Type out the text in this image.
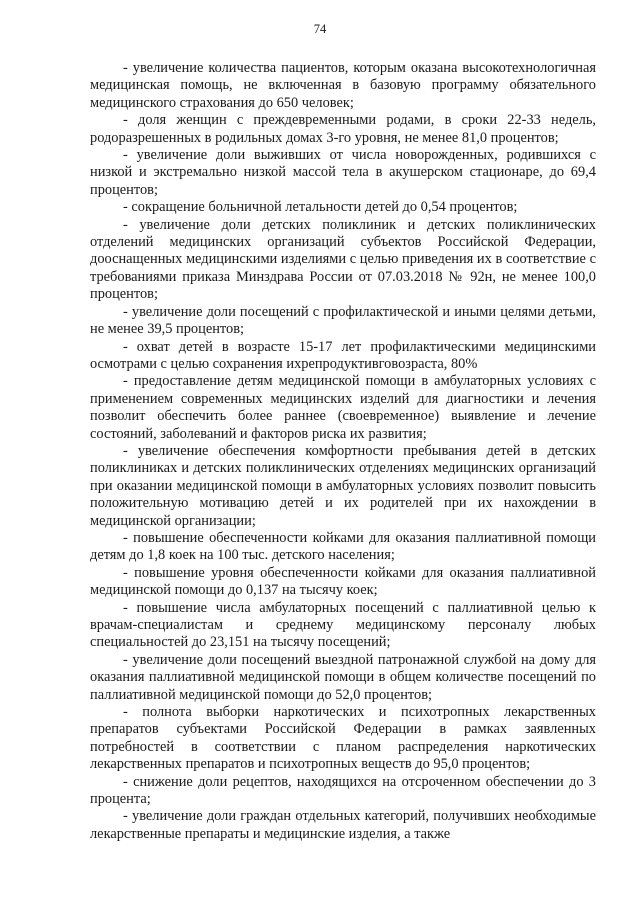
74

- увеличение количества пациентов, которым оказана высокотехнологичная медицинская помощь, не включенная в базовую программу обязательного медицинского страхования до 650 человек;

- доля женщин с преждевременными родами, в сроки 22-33 недель, родоразрешенных в родильных домах 3-го уровня, не менее 81,0 процентов;

- увеличение доли выживших от числа новорожденных, родившихся с низкой и экстремально низкой массой тела в акушерском стационаре, до 69,4 процентов;

- сокращение больничной летальности детей до 0,54 процентов;

- увеличение доли детских поликлиник и детских поликлинических отделений медицинских организаций субъектов Российской Федерации, дооснащенных медицинскими изделиями с целью приведения их в соответствие с требованиями приказа Минздрава России от 07.03.2018 № 92н, не менее 100,0 процентов;

- увеличение доли посещений с профилактической и иными целями детьми, не менее 39,5 процентов;

- охват детей в возрасте 15-17 лет профилактическими медицинскими осмотрами с целью сохранения ихрепродуктивговозраста, 80%

- предоставление детям медицинской помощи в амбулаторных условиях с применением современных медицинских изделий для диагностики и лечения позволит обеспечить более раннее (своевременное) выявление и лечение состояний, заболеваний и факторов риска их развития;

- увеличение обеспечения комфортности пребывания детей в детских поликлиниках и детских поликлинических отделениях медицинских организаций при оказании медицинской помощи в амбулаторных условиях позволит повысить положительную мотивацию детей и их родителей при их нахождении в медицинской организации;

- повышение обеспеченности койками для оказания паллиативной помощи детям до 1,8 коек на 100 тыс. детского населения;

- повышение уровня обеспеченности койками для оказания паллиативной медицинской помощи до 0,137 на тысячу коек;

- повышение числа амбулаторных посещений с паллиативной целью к врачам-специалистам и среднему медицинскому персоналу любых специальностей до 23,151 на тысячу посещений;

- увеличение доли посещений выездной патронажной службой на дому для оказания паллиативной медицинской помощи в общем количестве посещений по паллиативной медицинской помощи до 52,0 процентов;

- полнота выборки наркотических и психотропных лекарственных препаратов субъектами Российской Федерации в рамках заявленных потребностей в соответствии с планом распределения наркотических лекарственных препаратов и психотропных веществ до 95,0 процентов;

- снижение доли рецептов, находящихся на отсроченном обеспечении до 3 процента;

- увеличение доли граждан отдельных категорий, получивших необходимые лекарственные препараты и медицинские изделия, а также
